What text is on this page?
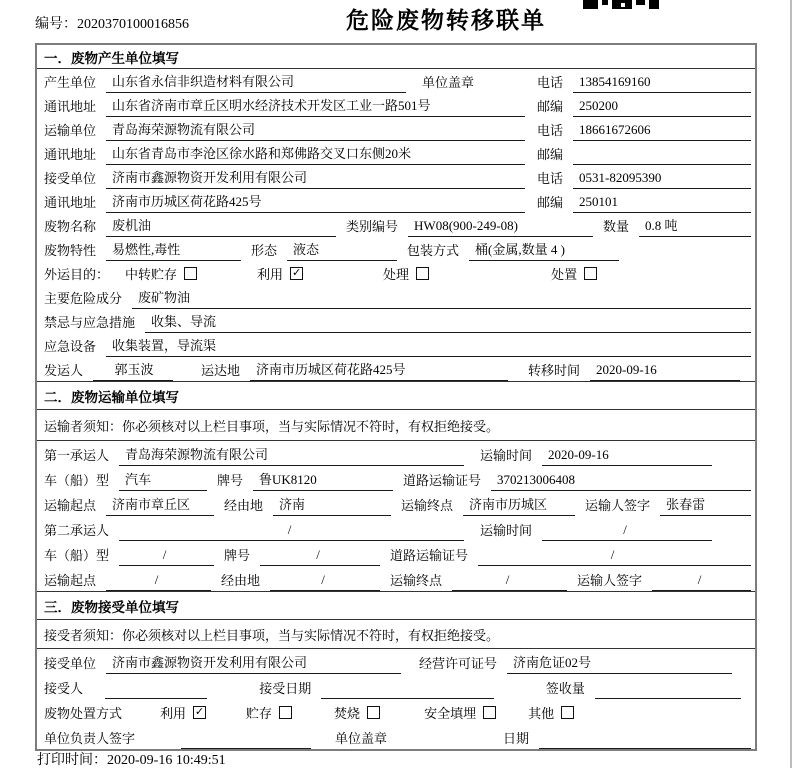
编号：2020370100016856	危险废物转移联单
一．废物产生单位填写
产生单位	山东省永信非织造材料有限公司	单位盖章	电话	13854169160
通讯地址	山东省济南市章丘区明水经济技术开发区工业一路501号	邮编	250200
运输单位	青岛海荣源物流有限公司	电话	18661672606
通讯地址	山东省青岛市李沧区徐水路和郑佛路交叉口东侧20米	邮编
接受单位	济南市鑫源物资开发利用有限公司	电话	0531-82095390
通讯地址	济南市历城区荷花路425号	邮编	250101
废物名称	废机油	类别编号	HW08(900-249-08)	数量	0.8 吨
废物特性	易燃性,毒性	形态	液态	包装方式	桶(金属,数量 4 )
外运目的： 中转贮存	利用 ✓	处理	处置
主要危险成分	废矿物油
禁忌与应急措施	收集、导流
应急设备	收集装置，导流渠
发运人	郭玉波	运达地	济南市历城区荷花路425号	转移时间	2020-09-16
二．废物运输单位填写
运输者须知：你必须核对以上栏目事项，当与实际情况不符时，有权拒绝接受。
第一承运人	青岛海荣源物流有限公司	运输时间	2020-09-16
车（船）型	汽车	牌号	鲁UK8120	道路运输证号	370213006408
运输起点	济南市章丘区	经由地	济南	运输终点	济南市历城区	运输人签字	张春雷
第二承运人	/	运输时间	/
车（船）型	/	牌号	/	道路运输证号	/
运输起点	/	经由地	/	运输终点	/	运输人签字	/
三．废物接受单位填写
接受者须知：你必须核对以上栏目事项，当与实际情况不符时，有权拒绝接受。
接受单位	济南市鑫源物资开发利用有限公司	经营许可证号	济南危证02号
接受人	接受日期	签收量
废物处置方式	利用 ✓	贮存	焚烧	安全填埋	其他
单位负责人签字	单位盖章	日期
打印时间：2020-09-16 10:49:51
